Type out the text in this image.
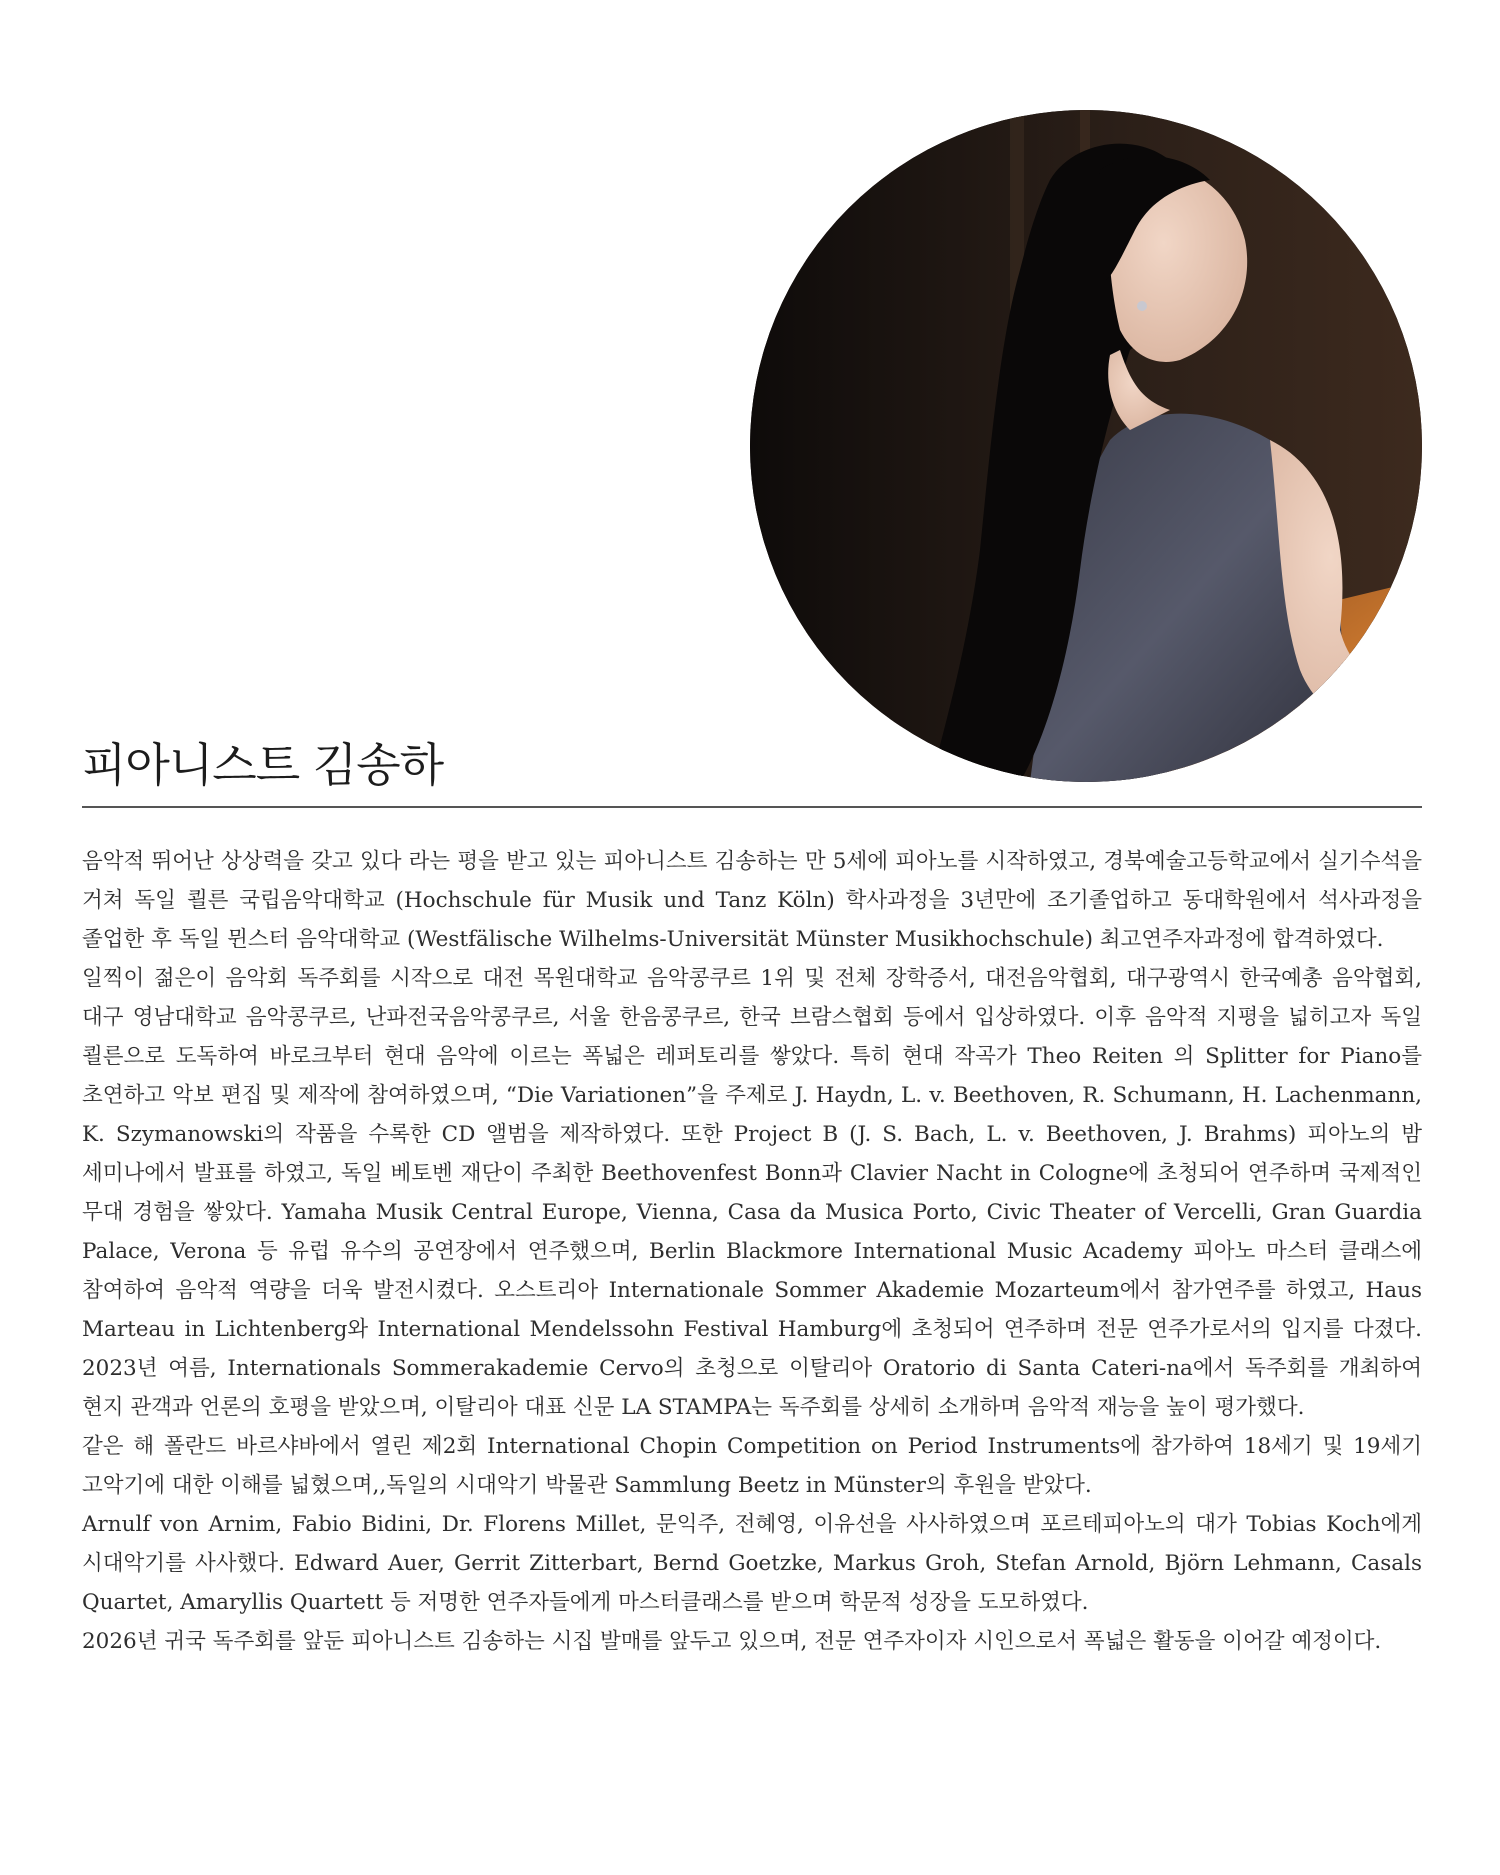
피아니스트 김송하

음악적 뛰어난 상상력을 갖고 있다 라는 평을 받고 있는 피아니스트 김송하는 만 5세에 피아노를 시작하였고, 경북예술고등학교에서 실기수석을 거쳐 독일 쾰른 국립음악대학교 (Hochschule für Musik und Tanz Köln) 학사과정을 3년만에 조기졸업하고 동대학원에서 석사과정을 졸업한 후 독일 뮌스터 음악대학교 (Westfälische Wilhelms-Universität Münster Musikhochschule) 최고연주자과정에 합격하였다.

일찍이 젊은이 음악회 독주회를 시작으로 대전 목원대학교 음악콩쿠르 1위 및 전체 장학증서, 대전음악협회, 대구광역시 한국예총 음악협회, 대구 영남대학교 음악콩쿠르, 난파전국음악콩쿠르, 서울 한음콩쿠르, 한국 브람스협회 등에서 입상하였다. 이후 음악적 지평을 넓히고자 독일 쾰른으로 도독하여 바로크부터 현대 음악에 이르는 폭넓은 레퍼토리를 쌓았다. 특히 현대 작곡가 Theo Reiten 의 Splitter for Piano를 초연하고 악보 편집 및 제작에 참여하였으며, “Die Variationen”을 주제로 J. Haydn, L. v. Beethoven, R. Schumann, H. Lachenmann, K. Szymanowski의 작품을 수록한 CD 앨범을 제작하였다. 또한 Project B (J. S. Bach, L. v. Beethoven, J. Brahms) 피아노의 밤 세미나에서 발표를 하였고, 독일 베토벤 재단이 주최한 Beethovenfest Bonn과 Clavier Nacht in Cologne에 초청되어 연주하며 국제적인 무대 경험을 쌓았다. Yamaha Musik Central Europe, Vienna, Casa da Musica Porto, Civic Theater of Vercelli, Gran Guardia Palace, Verona 등 유럽 유수의 공연장에서 연주했으며, Berlin Blackmore International Music Academy 피아노 마스터 클래스에 참여하여 음악적 역량을 더욱 발전시켰다. 오스트리아 Internationale Sommer Akademie Mozarteum에서 참가연주를 하였고, Haus Marteau in Lichtenberg와 International Mendelssohn Festival Hamburg에 초청되어 연주하며 전문 연주가로서의 입지를 다졌다. 2023년 여름, Internationals Sommerakademie Cervo의 초청으로 이탈리아 Oratorio di Santa Cateri-na에서 독주회를 개최하여 현지 관객과 언론의 호평을 받았으며, 이탈리아 대표 신문 LA STAMPA는 독주회를 상세히 소개하며 음악적 재능을 높이 평가했다.

같은 해 폴란드 바르샤바에서 열린 제2회 International Chopin Competition on Period Instruments에 참가하여 18세기 및 19세기 고악기에 대한 이해를 넓혔으며,,독일의 시대악기 박물관 Sammlung Beetz in Münster의 후원을 받았다.

Arnulf von Arnim, Fabio Bidini, Dr. Florens Millet, 문익주, 전혜영, 이유선을 사사하였으며 포르테피아노의 대가 Tobias Koch에게 시대악기를 사사했다. Edward Auer, Gerrit Zitterbart, Bernd Goetzke, Markus Groh, Stefan Arnold, Björn Lehmann, Casals Quartet, Amaryllis Quartett 등 저명한 연주자들에게 마스터클래스를 받으며 학문적 성장을 도모하였다.

2026년 귀국 독주회를 앞둔 피아니스트 김송하는 시집 발매를 앞두고 있으며, 전문 연주자이자 시인으로서 폭넓은 활동을 이어갈 예정이다.
